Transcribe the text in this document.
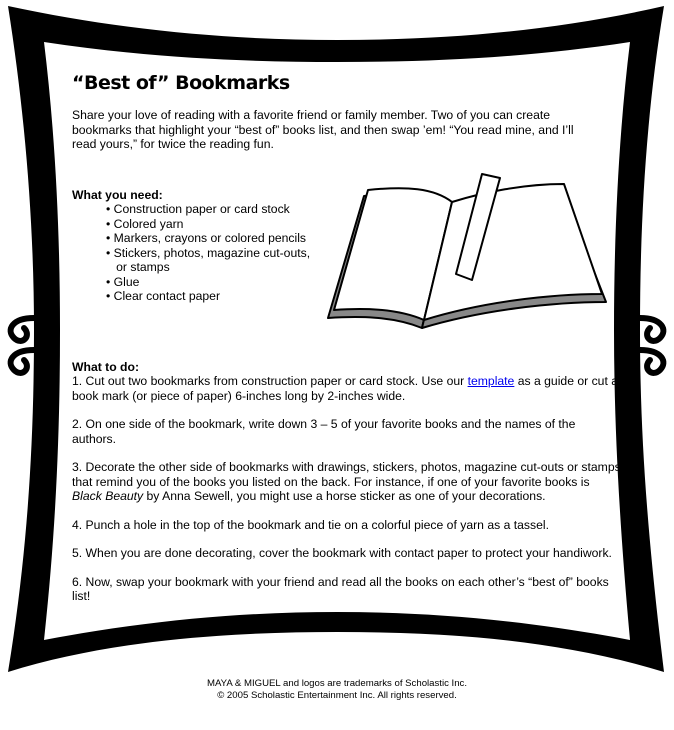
“Best of” Bookmarks

Share your love of reading with a favorite friend or family member. Two of you can create bookmarks that highlight your “best of” books list, and then swap ’em! “You read mine, and I’ll read yours,” for twice the reading fun.

What you need:
• Construction paper or card stock
• Colored yarn
• Markers, crayons or colored pencils
• Stickers, photos, magazine cut-outs,
or stamps
• Glue
• Clear contact paper
What to do:

1. Cut out two bookmarks from construction paper or card stock. Use our template as a guide or cut a book mark (or piece of paper) 6-inches long by 2-inches wide.

2. On one side of the bookmark, write down 3 – 5 of your favorite books and the names of the authors.

3. Decorate the other side of bookmarks with drawings, stickers, photos, magazine cut-outs or stamps that remind you of the books you listed on the back. For instance, if one of your favorite books is Black Beauty by Anna Sewell, you might use a horse sticker as one of your decorations.

4. Punch a hole in the top of the bookmark and tie on a colorful piece of yarn as a tassel.

5. When you are done decorating, cover the bookmark with contact paper to protect your handiwork.

6. Now, swap your bookmark with your friend and read all the books on each other’s “best of” books list!

MAYA & MIGUEL and logos are trademarks of Scholastic Inc.
© 2005 Scholastic Entertainment Inc. All rights reserved.
